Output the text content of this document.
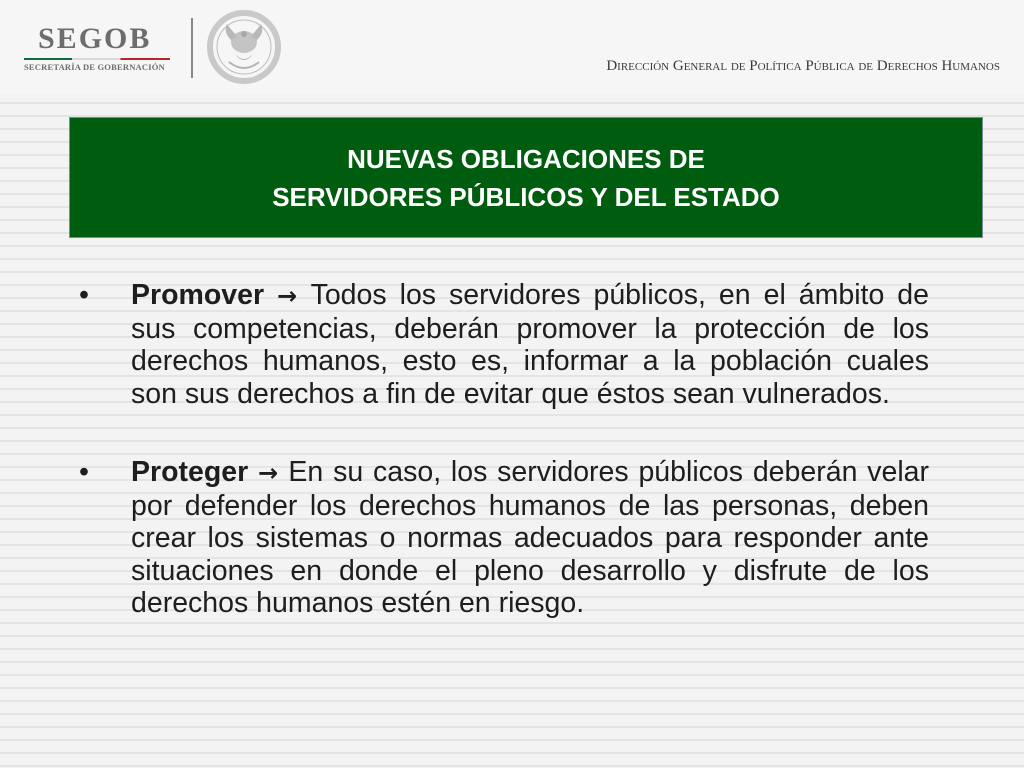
SEGOB
SECRETARÍA DE GOBERNACIÓN	Dirección General de Política Pública de Derechos Humanos
NUEVAS OBLIGACIONES DE
SERVIDORES PÚBLICOS Y DEL ESTADO
• Promover → Todos los servidores públicos, en el ámbito de sus competencias, deberán promover la protección de los derechos humanos, esto es, informar a la población cuales son sus derechos a fin de evitar que éstos sean vulnerados.
• Proteger → En su caso, los servidores públicos deberán velar por defender los derechos humanos de las personas, deben crear los sistemas o normas adecuados para responder ante situaciones en donde el pleno desarrollo y disfrute de los derechos humanos estén en riesgo.
